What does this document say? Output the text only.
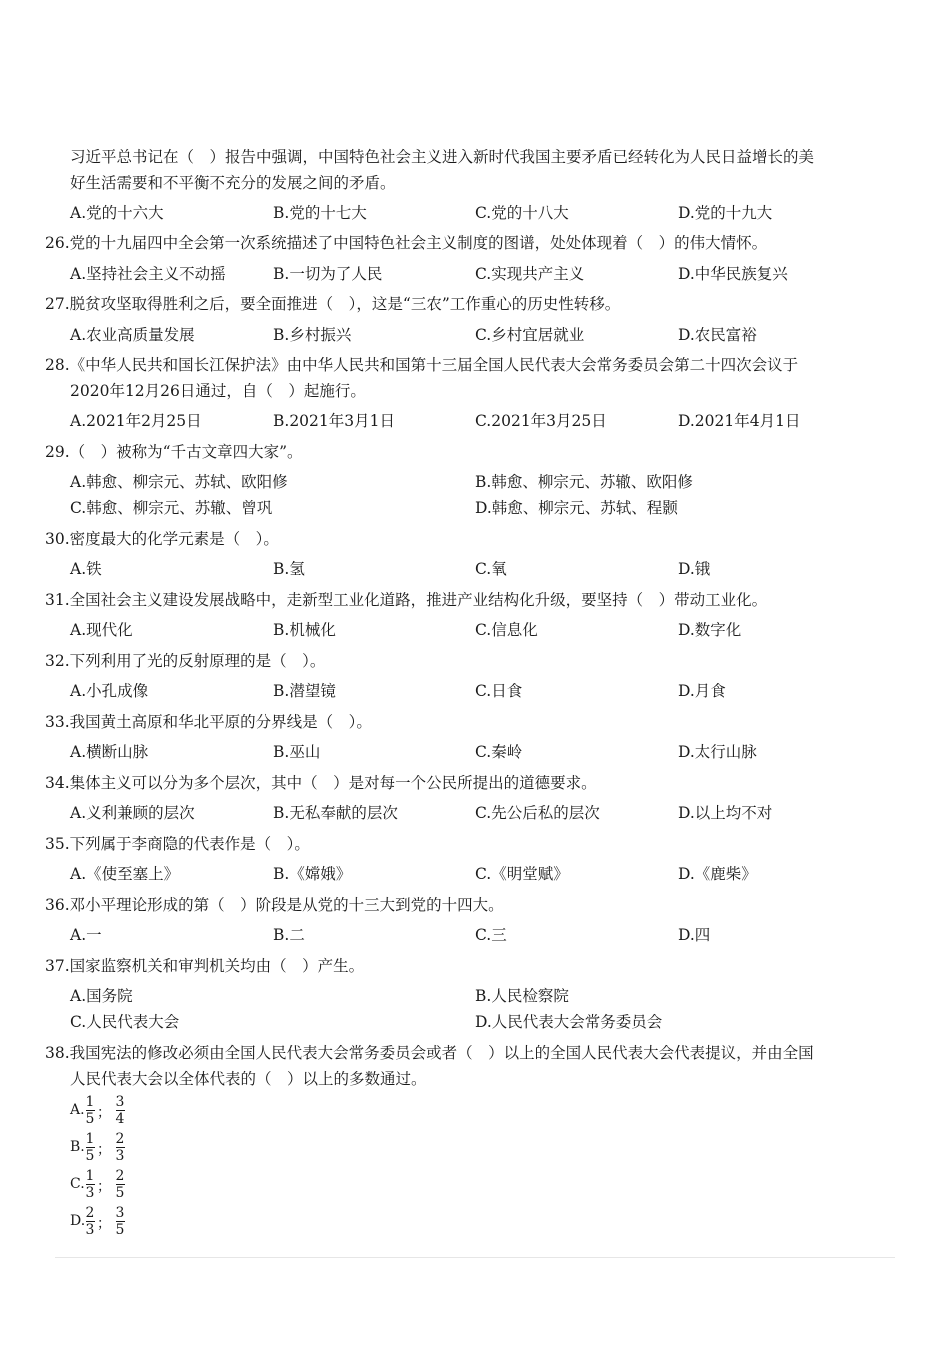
习近平总书记在（　）报告中强调，中国特色社会主义进入新时代我国主要矛盾已经转化为人民日益增长的美
好生活需要和不平衡不充分的发展之间的矛盾。
A.党的十六大	B.党的十七大	C.党的十八大	D.党的十九大
26.党的十九届四中全会第一次系统描述了中国特色社会主义制度的图谱，处处体现着（　）的伟大情怀。
A.坚持社会主义不动摇	B.一切为了人民	C.实现共产主义	D.中华民族复兴
27.脱贫攻坚取得胜利之后，要全面推进（　），这是“三农”工作重心的历史性转移。
A.农业高质量发展	B.乡村振兴	C.乡村宜居就业	D.农民富裕
28.《中华人民共和国长江保护法》由中华人民共和国第十三届全国人民代表大会常务委员会第二十四次会议于
2020年12月26日通过，自（　）起施行。
A.2021年2月25日	B.2021年3月1日	C.2021年3月25日	D.2021年4月1日
29.（　）被称为“千古文章四大家”。
A.韩愈、柳宗元、苏轼、欧阳修	B.韩愈、柳宗元、苏辙、欧阳修
C.韩愈、柳宗元、苏辙、曾巩	D.韩愈、柳宗元、苏轼、程颢
30.密度最大的化学元素是（　）。
A.铁	B.氢	C.氧	D.锇
31.全国社会主义建设发展战略中，走新型工业化道路，推进产业结构化升级，要坚持（　）带动工业化。
A.现代化	B.机械化	C.信息化	D.数字化
32.下列利用了光的反射原理的是（　）。
A.小孔成像	B.潜望镜	C.日食	D.月食
33.我国黄土高原和华北平原的分界线是（　）。
A.横断山脉	B.巫山	C.秦岭	D.太行山脉
34.集体主义可以分为多个层次，其中（　）是对每一个公民所提出的道德要求。
A.义利兼顾的层次	B.无私奉献的层次	C.先公后私的层次	D.以上均不对
35.下列属于李商隐的代表作是（　）。
A.《使至塞上》	B.《嫦娥》	C.《明堂赋》	D.《鹿柴》
36.邓小平理论形成的第（　）阶段是从党的十三大到党的十四大。
A.一	B.二	C.三	D.四
37.国家监察机关和审判机关均由（　）产生。
A.国务院	B.人民检察院
C.人民代表大会	D.人民代表大会常务委员会
38.我国宪法的修改必须由全国人民代表大会常务委员会或者（　）以上的全国人民代表大会代表提议，并由全国
人民代表大会以全体代表的（　）以上的多数通过。
A. 1
5 ；
3
4
B. 1
5 ；
2
3
C. 1
3 ；
2
5
D. 2
3 ；
3
5
